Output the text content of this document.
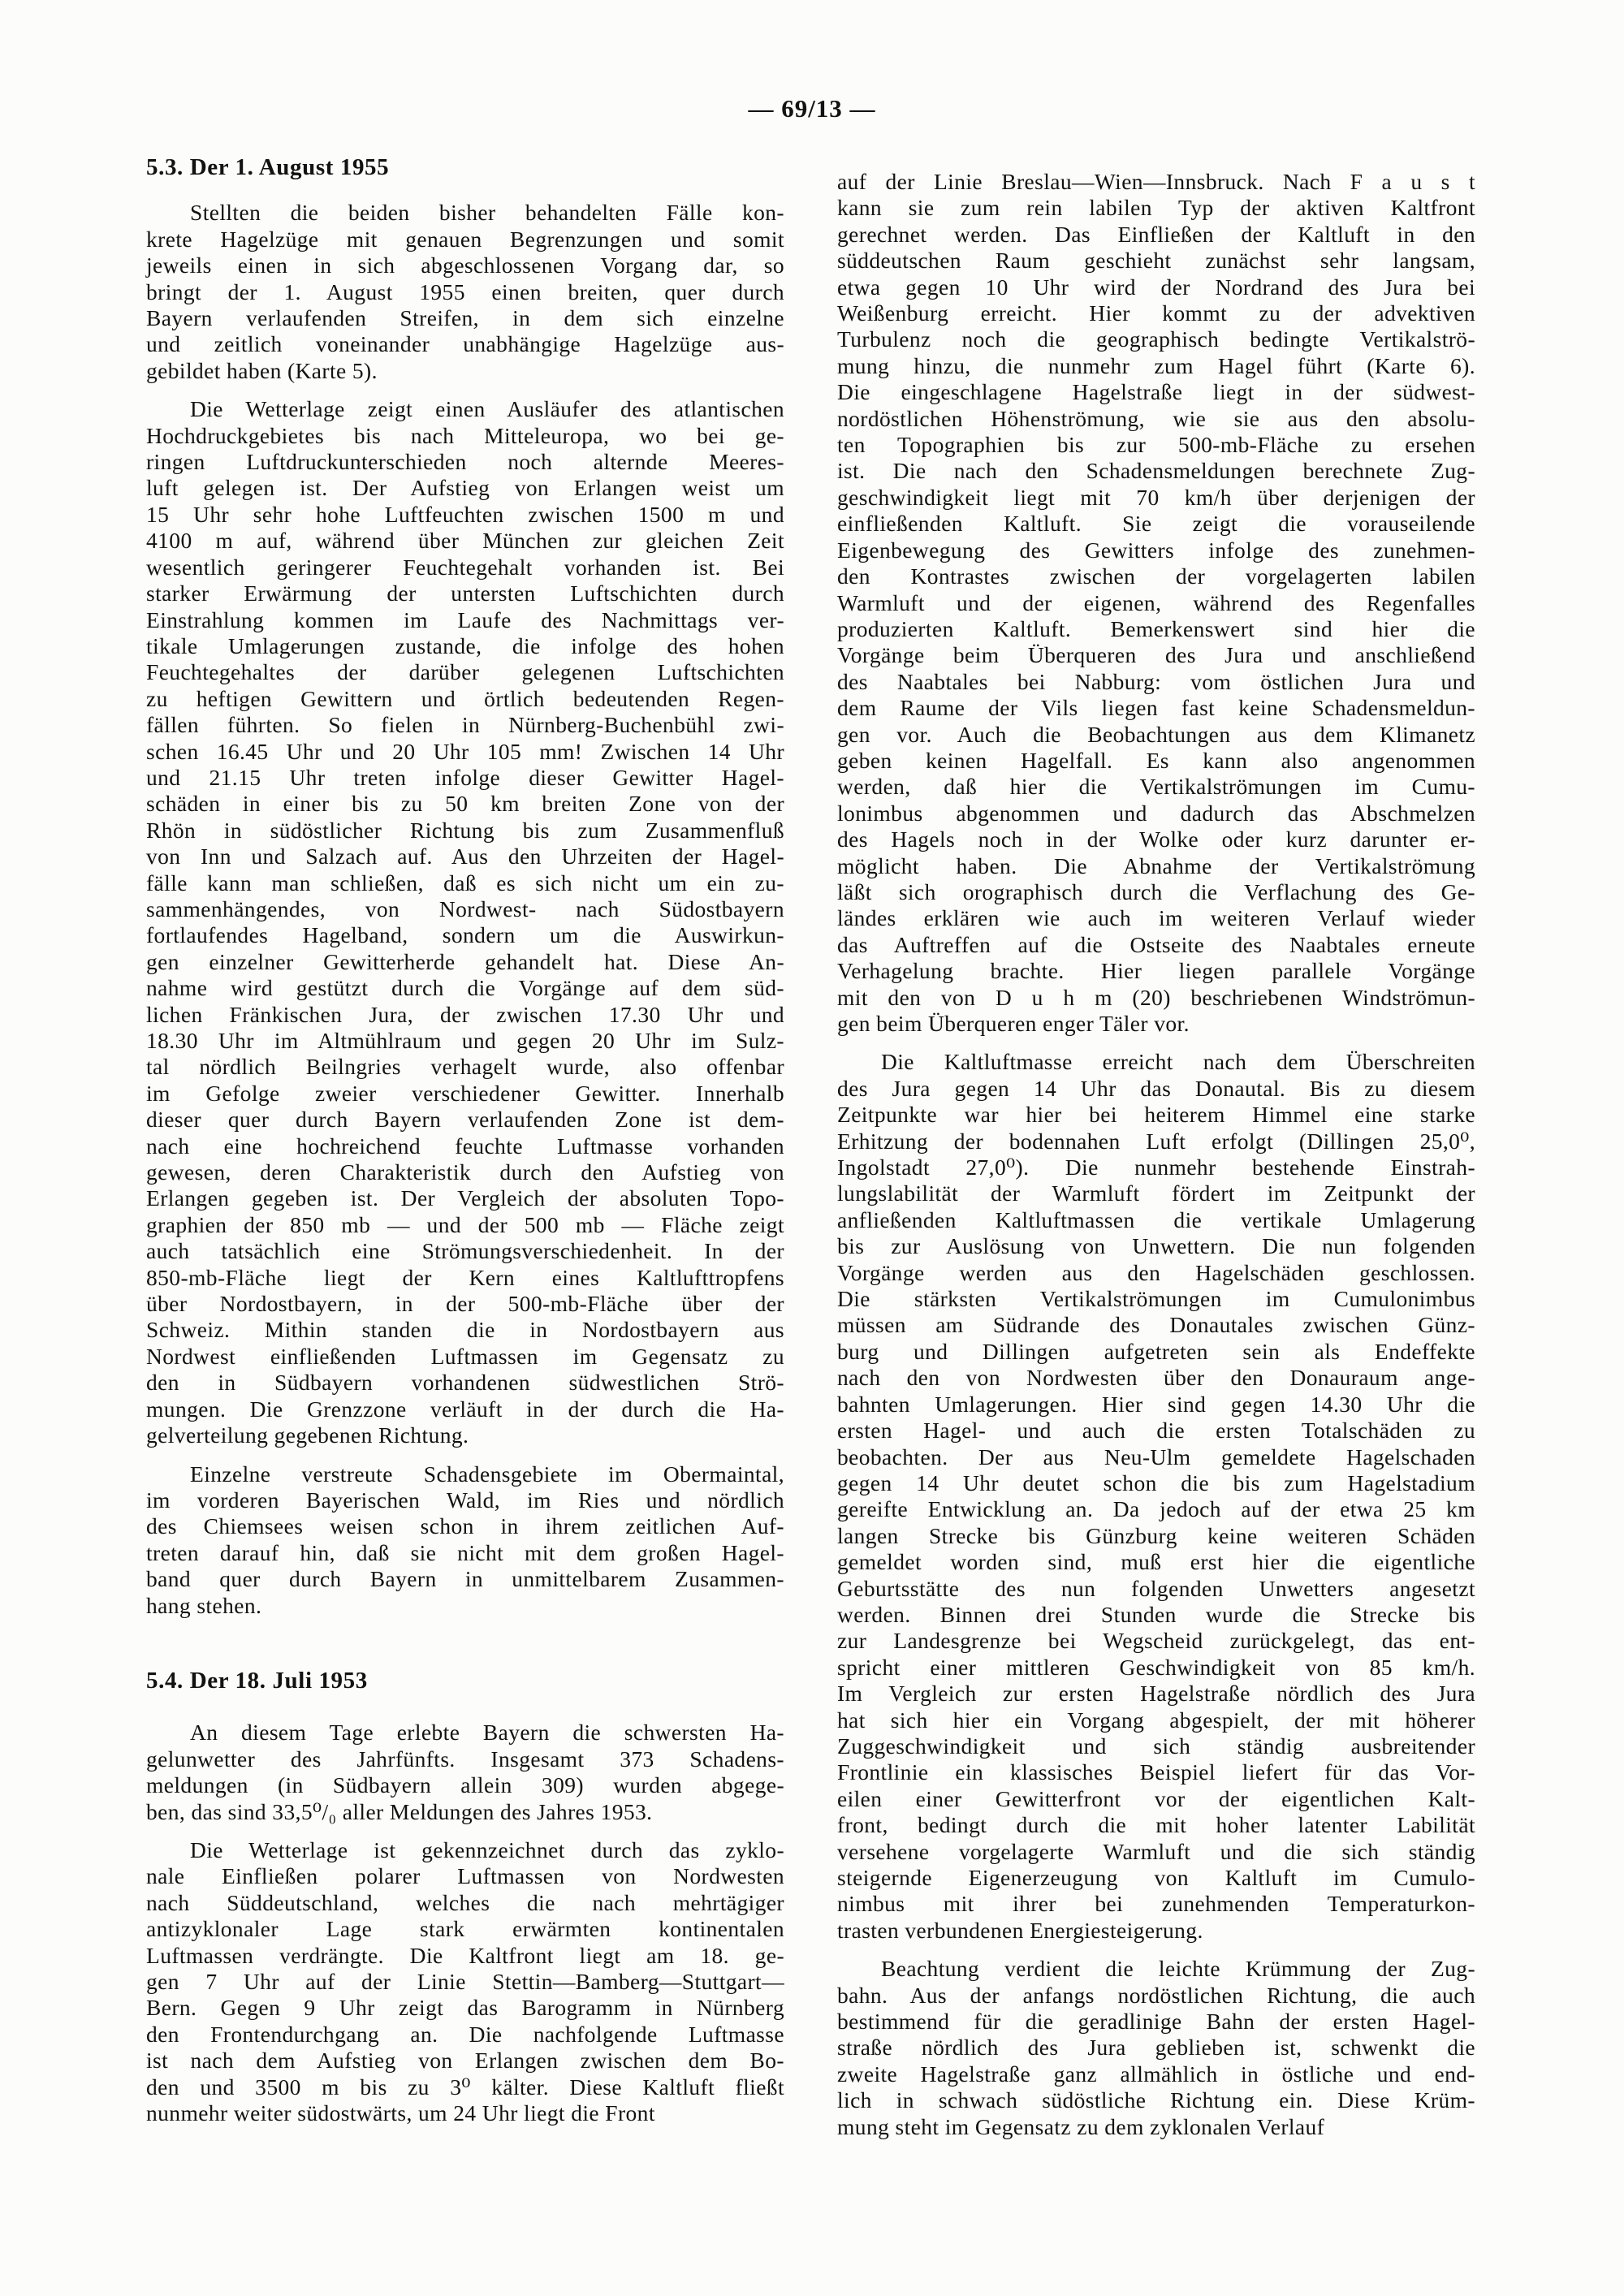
— 69/13 —
5.3. Der 1. August 1955
Stellten die beiden bisher behandelten Fälle kon-
krete Hagelzüge mit genauen Begrenzungen und somit
jeweils einen in sich abgeschlossenen Vorgang dar, so
bringt der 1. August 1955 einen breiten, quer durch
Bayern verlaufenden Streifen, in dem sich einzelne
und zeitlich voneinander unabhängige Hagelzüge aus-
gebildet haben (Karte 5).
Die Wetterlage zeigt einen Ausläufer des atlantischen
Hochdruckgebietes bis nach Mitteleuropa, wo bei ge-
ringen Luftdruckunterschieden noch alternde Meeres-
luft gelegen ist. Der Aufstieg von Erlangen weist um
15 Uhr sehr hohe Luftfeuchten zwischen 1500 m und
4100 m auf, während über München zur gleichen Zeit
wesentlich geringerer Feuchtegehalt vorhanden ist. Bei
starker Erwärmung der untersten Luftschichten durch
Einstrahlung kommen im Laufe des Nachmittags ver-
tikale Umlagerungen zustande, die infolge des hohen
Feuchtegehaltes der darüber gelegenen Luftschichten
zu heftigen Gewittern und örtlich bedeutenden Regen-
fällen führten. So fielen in Nürnberg-Buchenbühl zwi-
schen 16.45 Uhr und 20 Uhr 105 mm! Zwischen 14 Uhr
und 21.15 Uhr treten infolge dieser Gewitter Hagel-
schäden in einer bis zu 50 km breiten Zone von der
Rhön in südöstlicher Richtung bis zum Zusammenfluß
von Inn und Salzach auf. Aus den Uhrzeiten der Hagel-
fälle kann man schließen, daß es sich nicht um ein zu-
sammenhängendes, von Nordwest- nach Südostbayern
fortlaufendes Hagelband, sondern um die Auswirkun-
gen einzelner Gewitterherde gehandelt hat. Diese An-
nahme wird gestützt durch die Vorgänge auf dem süd-
lichen Fränkischen Jura, der zwischen 17.30 Uhr und
18.30 Uhr im Altmühlraum und gegen 20 Uhr im Sulz-
tal nördlich Beilngries verhagelt wurde, also offenbar
im Gefolge zweier verschiedener Gewitter. Innerhalb
dieser quer durch Bayern verlaufenden Zone ist dem-
nach eine hochreichend feuchte Luftmasse vorhanden
gewesen, deren Charakteristik durch den Aufstieg von
Erlangen gegeben ist. Der Vergleich der absoluten Topo-
graphien der 850 mb — und der 500 mb — Fläche zeigt
auch tatsächlich eine Strömungsverschiedenheit. In der
850-mb-Fläche liegt der Kern eines Kaltlufttropfens
über Nordostbayern, in der 500-mb-Fläche über der
Schweiz. Mithin standen die in Nordostbayern aus
Nordwest einfließenden Luftmassen im Gegensatz zu
den in Südbayern vorhandenen südwestlichen Strö-
mungen. Die Grenzzone verläuft in der durch die Ha-
gelverteilung gegebenen Richtung.
Einzelne verstreute Schadensgebiete im Obermaintal,
im vorderen Bayerischen Wald, im Ries und nördlich
des Chiemsees weisen schon in ihrem zeitlichen Auf-
treten darauf hin, daß sie nicht mit dem großen Hagel-
band quer durch Bayern in unmittelbarem Zusammen-
hang stehen.
5.4. Der 18. Juli 1953
An diesem Tage erlebte Bayern die schwersten Ha-
gelunwetter des Jahrfünfts. Insgesamt 373 Schadens-
meldungen (in Südbayern allein 309) wurden abgege-
ben, das sind 33,5⁰/₀ aller Meldungen des Jahres 1953.
Die Wetterlage ist gekennzeichnet durch das zyklo-
nale Einfließen polarer Luftmassen von Nordwesten
nach Süddeutschland, welches die nach mehrtägiger
antizyklonaler Lage stark erwärmten kontinentalen
Luftmassen verdrängte. Die Kaltfront liegt am 18. ge-
gen 7 Uhr auf der Linie Stettin—Bamberg—Stuttgart—
Bern. Gegen 9 Uhr zeigt das Barogramm in Nürnberg
den Frontendurchgang an. Die nachfolgende Luftmasse
ist nach dem Aufstieg von Erlangen zwischen dem Bo-
den und 3500 m bis zu 3⁰ kälter. Diese Kaltluft fließt
nunmehr weiter südostwärts, um 24 Uhr liegt die Front
auf der Linie Breslau—Wien—Innsbruck. Nach F a u s t
kann sie zum rein labilen Typ der aktiven Kaltfront
gerechnet werden. Das Einfließen der Kaltluft in den
süddeutschen Raum geschieht zunächst sehr langsam,
etwa gegen 10 Uhr wird der Nordrand des Jura bei
Weißenburg erreicht. Hier kommt zu der advektiven
Turbulenz noch die geographisch bedingte Vertikalströ-
mung hinzu, die nunmehr zum Hagel führt (Karte 6).
Die eingeschlagene Hagelstraße liegt in der südwest-
nordöstlichen Höhenströmung, wie sie aus den absolu-
ten Topographien bis zur 500-mb-Fläche zu ersehen
ist. Die nach den Schadensmeldungen berechnete Zug-
geschwindigkeit liegt mit 70 km/h über derjenigen der
einfließenden Kaltluft. Sie zeigt die vorauseilende
Eigenbewegung des Gewitters infolge des zunehmen-
den Kontrastes zwischen der vorgelagerten labilen
Warmluft und der eigenen, während des Regenfalles
produzierten Kaltluft. Bemerkenswert sind hier die
Vorgänge beim Überqueren des Jura und anschließend
des Naabtales bei Nabburg: vom östlichen Jura und
dem Raume der Vils liegen fast keine Schadensmeldun-
gen vor. Auch die Beobachtungen aus dem Klimanetz
geben keinen Hagelfall. Es kann also angenommen
werden, daß hier die Vertikalströmungen im Cumu-
lonimbus abgenommen und dadurch das Abschmelzen
des Hagels noch in der Wolke oder kurz darunter er-
möglicht haben. Die Abnahme der Vertikalströmung
läßt sich orographisch durch die Verflachung des Ge-
ländes erklären wie auch im weiteren Verlauf wieder
das Auftreffen auf die Ostseite des Naabtales erneute
Verhagelung brachte. Hier liegen parallele Vorgänge
mit den von D u h m (20) beschriebenen Windströmun-
gen beim Überqueren enger Täler vor.
Die Kaltluftmasse erreicht nach dem Überschreiten
des Jura gegen 14 Uhr das Donautal. Bis zu diesem
Zeitpunkte war hier bei heiterem Himmel eine starke
Erhitzung der bodennahen Luft erfolgt (Dillingen 25,0⁰,
Ingolstadt 27,0⁰). Die nunmehr bestehende Einstrah-
lungslabilität der Warmluft fördert im Zeitpunkt der
anfließenden Kaltluftmassen die vertikale Umlagerung
bis zur Auslösung von Unwettern. Die nun folgenden
Vorgänge werden aus den Hagelschäden geschlossen.
Die stärksten Vertikalströmungen im Cumulonimbus
müssen am Südrande des Donautales zwischen Günz-
burg und Dillingen aufgetreten sein als Endeffekte
nach den von Nordwesten über den Donauraum ange-
bahnten Umlagerungen. Hier sind gegen 14.30 Uhr die
ersten Hagel- und auch die ersten Totalschäden zu
beobachten. Der aus Neu-Ulm gemeldete Hagelschaden
gegen 14 Uhr deutet schon die bis zum Hagelstadium
gereifte Entwicklung an. Da jedoch auf der etwa 25 km
langen Strecke bis Günzburg keine weiteren Schäden
gemeldet worden sind, muß erst hier die eigentliche
Geburtsstätte des nun folgenden Unwetters angesetzt
werden. Binnen drei Stunden wurde die Strecke bis
zur Landesgrenze bei Wegscheid zurückgelegt, das ent-
spricht einer mittleren Geschwindigkeit von 85 km/h.
Im Vergleich zur ersten Hagelstraße nördlich des Jura
hat sich hier ein Vorgang abgespielt, der mit höherer
Zuggeschwindigkeit und sich ständig ausbreitender
Frontlinie ein klassisches Beispiel liefert für das Vor-
eilen einer Gewitterfront vor der eigentlichen Kalt-
front, bedingt durch die mit hoher latenter Labilität
versehene vorgelagerte Warmluft und die sich ständig
steigernde Eigenerzeugung von Kaltluft im Cumulo-
nimbus mit ihrer bei zunehmenden Temperaturkon-
trasten verbundenen Energiesteigerung.
Beachtung verdient die leichte Krümmung der Zug-
bahn. Aus der anfangs nordöstlichen Richtung, die auch
bestimmend für die geradlinige Bahn der ersten Hagel-
straße nördlich des Jura geblieben ist, schwenkt die
zweite Hagelstraße ganz allmählich in östliche und end-
lich in schwach südöstliche Richtung ein. Diese Krüm-
mung steht im Gegensatz zu dem zyklonalen Verlauf
